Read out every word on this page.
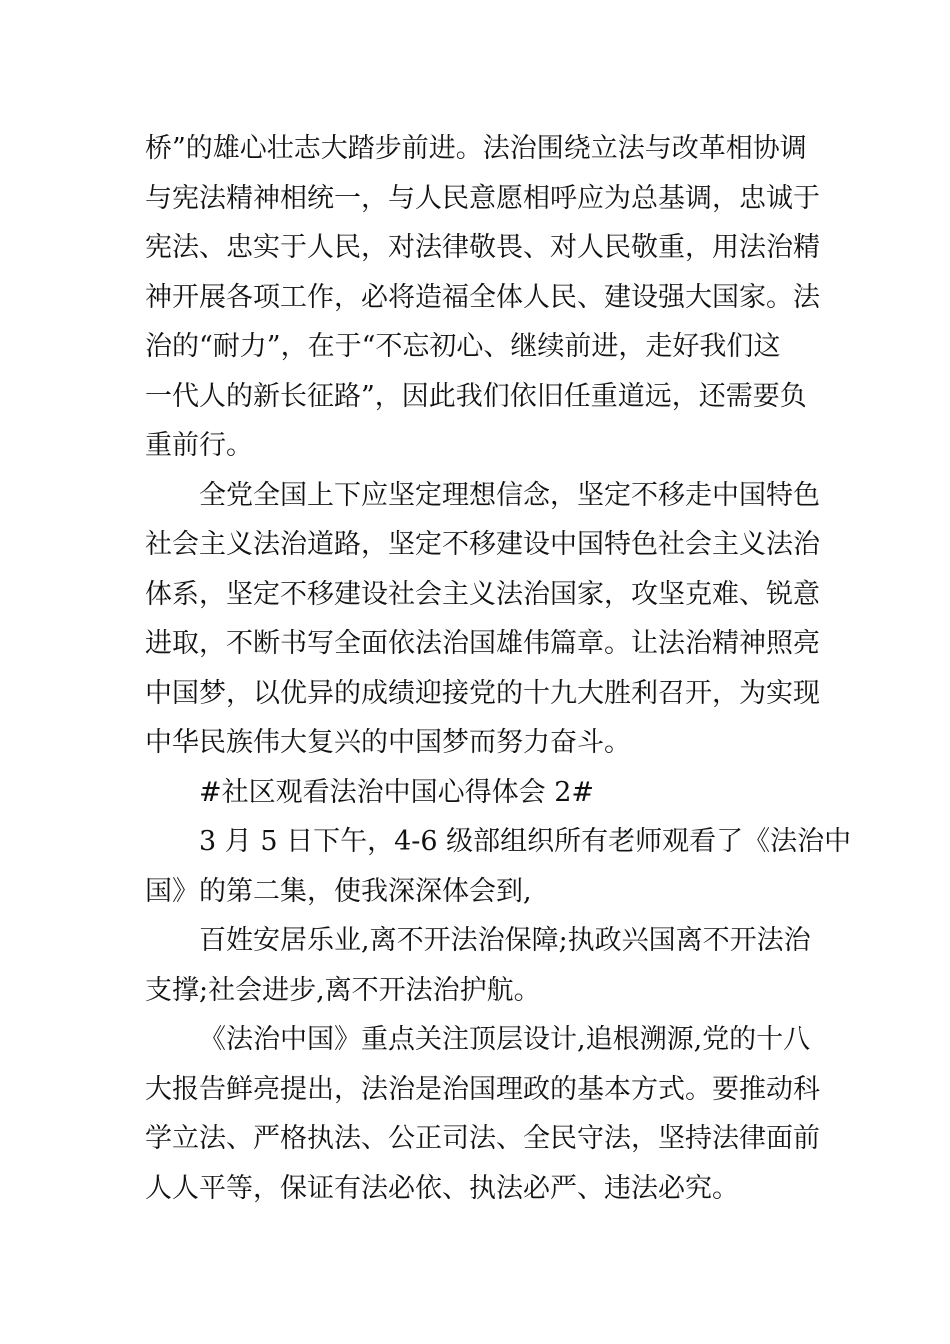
桥”的雄心壮志大踏步前进。法治围绕立法与改革相协调
与宪法精神相统一，与人民意愿相呼应为总基调，忠诚于
宪法、忠实于人民，对法律敬畏、对人民敬重，用法治精
神开展各项工作，必将造福全体人民、建设强大国家。法
治的“耐力”，在于“不忘初心、继续前进，走好我们这
一代人的新长征路”，因此我们依旧任重道远，还需要负
重前行。

全党全国上下应坚定理想信念，坚定不移走中国特色
社会主义法治道路，坚定不移建设中国特色社会主义法治
体系，坚定不移建设社会主义法治国家，攻坚克难、锐意
进取，不断书写全面依法治国雄伟篇章。让法治精神照亮
中国梦，以优异的成绩迎接党的十九大胜利召开，为实现
中华民族伟大复兴的中国梦而努力奋斗。

#社区观看法治中国心得体会 2#

3 月 5 日下午，4-6 级部组织所有老师观看了《法治中
国》的第二集，使我深深体会到,

百姓安居乐业,离不开法治保障;执政兴国离不开法治
支撑;社会进步,离不开法治护航。

《法治中国》重点关注顶层设计,追根溯源,党的十八
大报告鲜亮提出，法治是治国理政的基本方式。要推动科
学立法、严格执法、公正司法、全民守法，坚持法律面前
人人平等，保证有法必依、执法必严、违法必究。
